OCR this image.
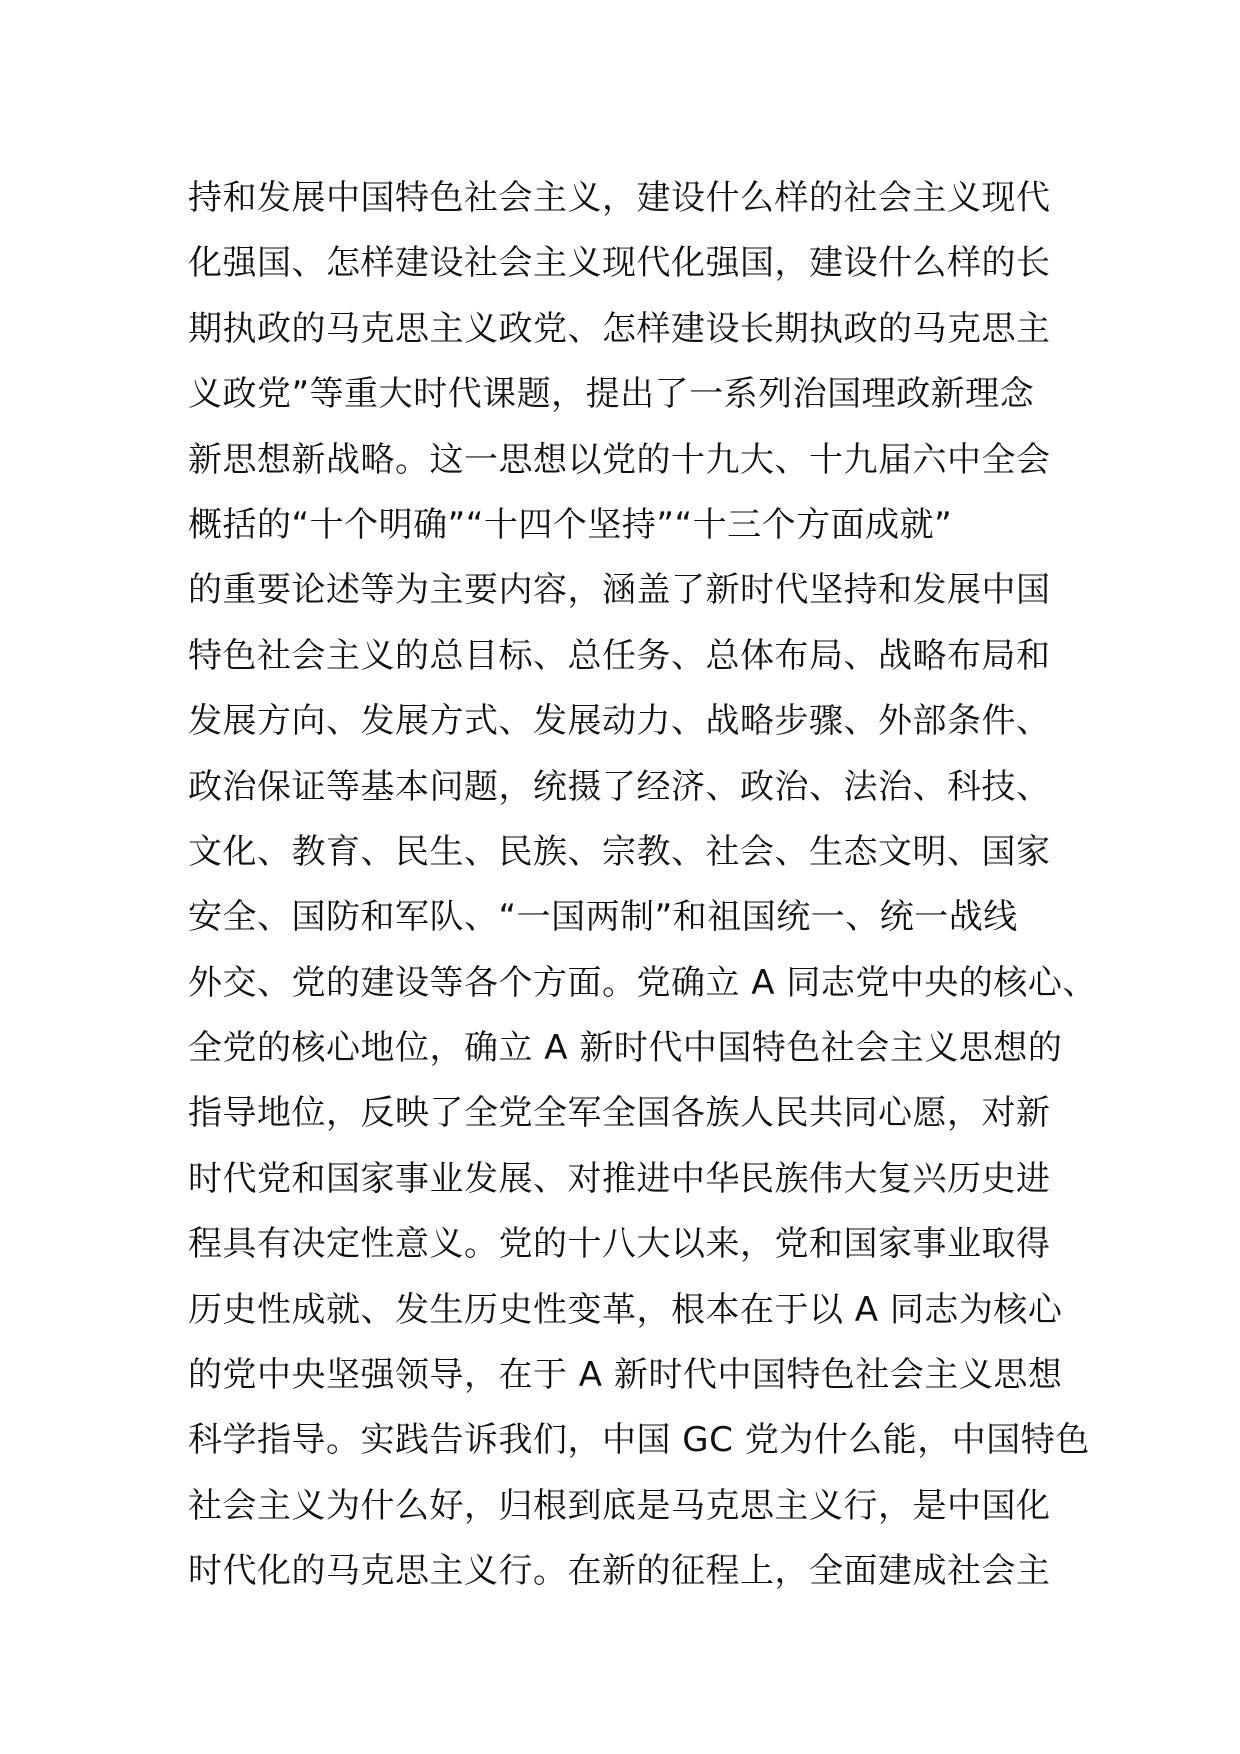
持和发展中国特色社会主义，建设什么样的社会主义现代
化强国、怎样建设社会主义现代化强国，建设什么样的长
期执政的马克思主义政党、怎样建设长期执政的马克思主
义政党”等重大时代课题，提出了一系列治国理政新理念
新思想新战略。这一思想以党的十九大、十九届六中全会
概括的“十个明确”“十四个坚持”“十三个方面成就”
的重要论述等为主要内容，涵盖了新时代坚持和发展中国
特色社会主义的总目标、总任务、总体布局、战略布局和
发展方向、发展方式、发展动力、战略步骤、外部条件、
政治保证等基本问题，统摄了经济、政治、法治、科技、
文化、教育、民生、民族、宗教、社会、生态文明、国家
安全、国防和军队、“一国两制”和祖国统一、统一战线
外交、党的建设等各个方面。党确立 A 同志党中央的核心、
全党的核心地位，确立 A 新时代中国特色社会主义思想的
指导地位，反映了全党全军全国各族人民共同心愿，对新
时代党和国家事业发展、对推进中华民族伟大复兴历史进
程具有决定性意义。党的十八大以来，党和国家事业取得
历史性成就、发生历史性变革，根本在于以 A 同志为核心
的党中央坚强领导，在于 A 新时代中国特色社会主义思想
科学指导。实践告诉我们，中国 GC 党为什么能，中国特色
社会主义为什么好，归根到底是马克思主义行，是中国化
时代化的马克思主义行。在新的征程上，全面建成社会主
